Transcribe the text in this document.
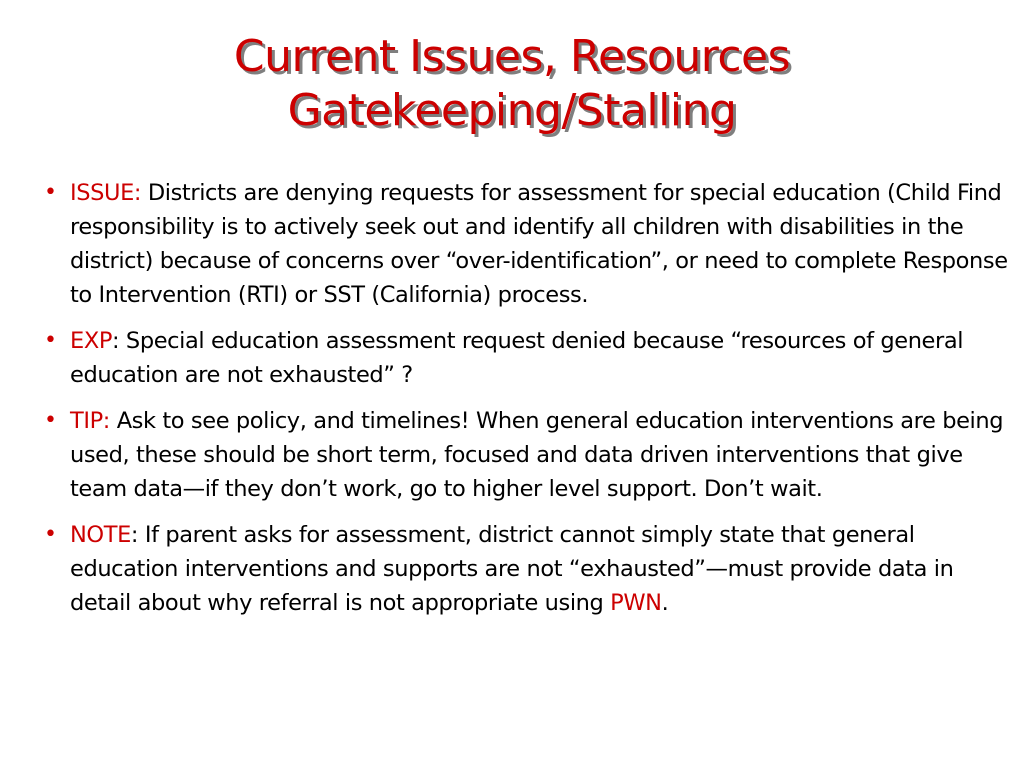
Current Issues, Resources
Gatekeeping/Stalling
• ISSUE: Districts are denying requests for assessment for special education (Child Find responsibility is to actively seek out and identify all children with disabilities in the district) because of concerns over “over-identification”, or need to complete Response to Intervention (RTI) or SST (California) process.
• EXP: Special education assessment request denied because “resources of general education are not exhausted” ?
• TIP: Ask to see policy, and timelines! When general education interventions are being used, these should be short term, focused and data driven interventions that give team data—if they don’t work, go to higher level support. Don’t wait.
• NOTE: If parent asks for assessment, district cannot simply state that general education interventions and supports are not “exhausted”—must provide data in detail about why referral is not appropriate using PWN.
